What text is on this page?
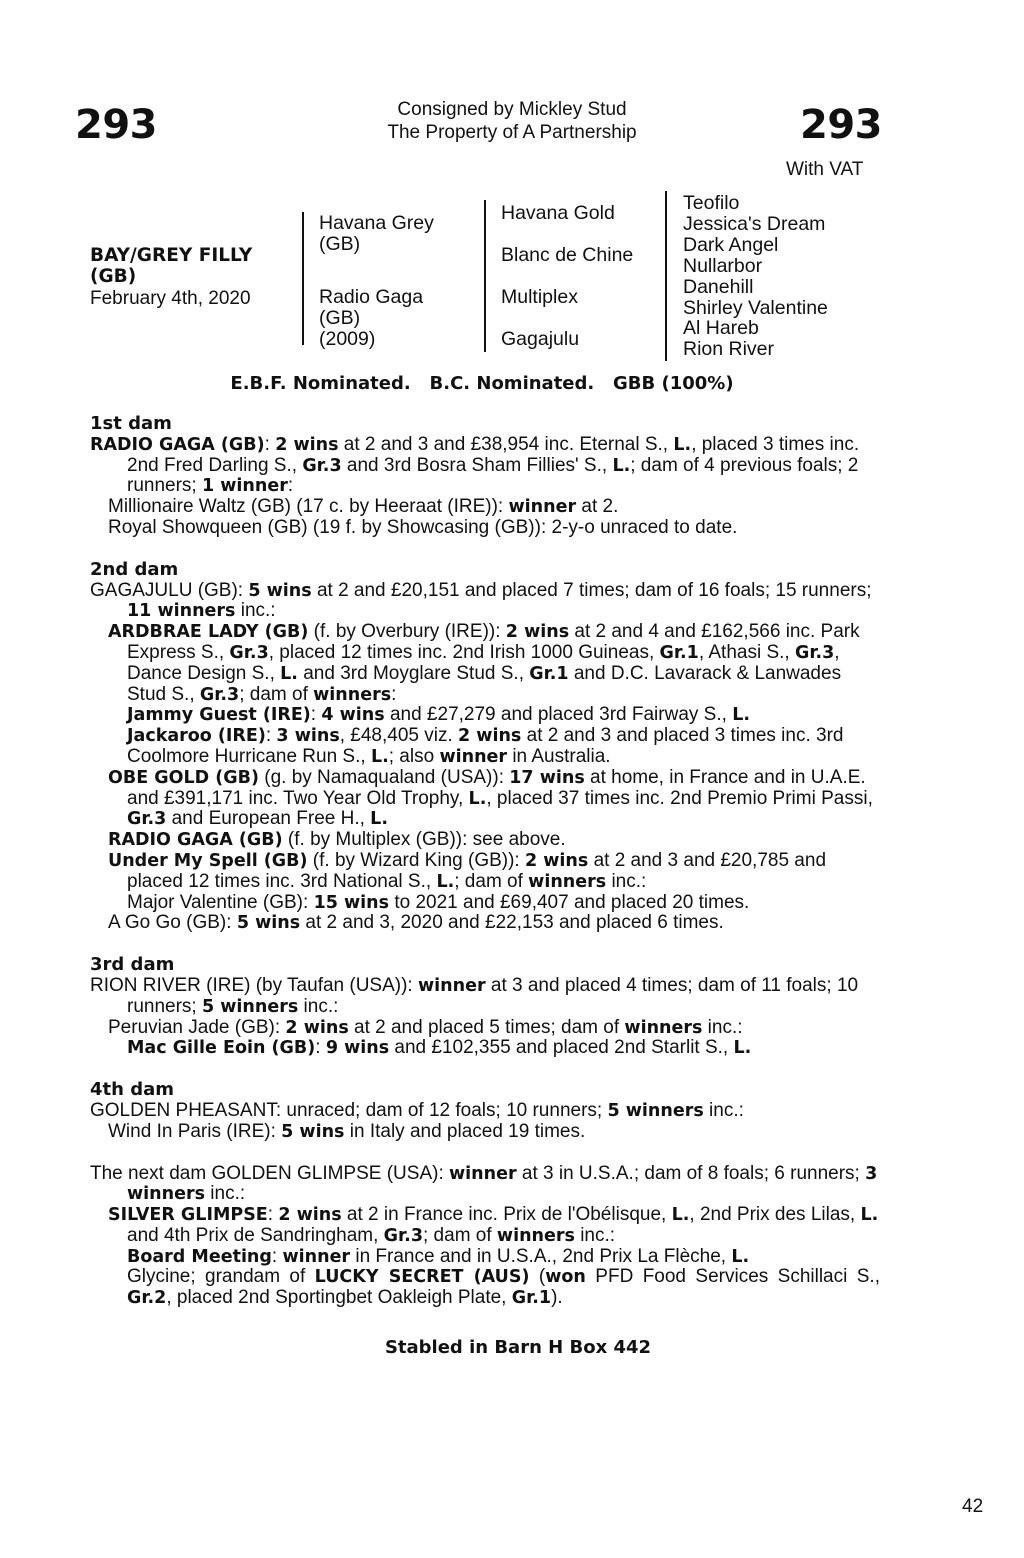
293	Consigned by Mickley Stud
The Property of A Partnership	293
With VAT
BAY/GREY FILLY
(GB)
February 4th, 2020
Havana Grey
(GB)
Radio Gaga
(GB)
(2009)
Havana Gold
Blanc de Chine
Multiplex
Gagajulu
Teofilo
Jessica's Dream
Dark Angel
Nullarbor
Danehill
Shirley Valentine
Al Hareb
Rion River
E.B.F. Nominated.   B.C. Nominated.   GBB (100%)
1st dam
RADIO GAGA (GB): 2 wins at 2 and 3 and £38,954 inc. Eternal S., L., placed 3 times inc. 2nd Fred Darling S., Gr.3 and 3rd Bosra Sham Fillies' S., L.; dam of 4 previous foals; 2 runners; 1 winner:
Millionaire Waltz (GB) (17 c. by Heeraat (IRE)): winner at 2.
Royal Showqueen (GB) (19 f. by Showcasing (GB)): 2-y-o unraced to date.
2nd dam
GAGAJULU (GB): 5 wins at 2 and £20,151 and placed 7 times; dam of 16 foals; 15 runners; 11 winners inc.:
ARDBRAE LADY (GB) (f. by Overbury (IRE)): 2 wins at 2 and 4 and £162,566 inc. Park Express S., Gr.3, placed 12 times inc. 2nd Irish 1000 Guineas, Gr.1, Athasi S., Gr.3, Dance Design S., L. and 3rd Moyglare Stud S., Gr.1 and D.C. Lavarack & Lanwades Stud S., Gr.3; dam of winners:
Jammy Guest (IRE): 4 wins and £27,279 and placed 3rd Fairway S., L.
Jackaroo (IRE): 3 wins, £48,405 viz. 2 wins at 2 and 3 and placed 3 times inc. 3rd Coolmore Hurricane Run S., L.; also winner in Australia.
OBE GOLD (GB) (g. by Namaqualand (USA)): 17 wins at home, in France and in U.A.E. and £391,171 inc. Two Year Old Trophy, L., placed 37 times inc. 2nd Premio Primi Passi, Gr.3 and European Free H., L.
RADIO GAGA (GB) (f. by Multiplex (GB)): see above.
Under My Spell (GB) (f. by Wizard King (GB)): 2 wins at 2 and 3 and £20,785 and placed 12 times inc. 3rd National S., L.; dam of winners inc.:
Major Valentine (GB): 15 wins to 2021 and £69,407 and placed 20 times.
A Go Go (GB): 5 wins at 2 and 3, 2020 and £22,153 and placed 6 times.
3rd dam
RION RIVER (IRE) (by Taufan (USA)): winner at 3 and placed 4 times; dam of 11 foals; 10 runners; 5 winners inc.:
Peruvian Jade (GB): 2 wins at 2 and placed 5 times; dam of winners inc.:
Mac Gille Eoin (GB): 9 wins and £102,355 and placed 2nd Starlit S., L.
4th dam
GOLDEN PHEASANT: unraced; dam of 12 foals; 10 runners; 5 winners inc.:
Wind In Paris (IRE): 5 wins in Italy and placed 19 times.
The next dam GOLDEN GLIMPSE (USA): winner at 3 in U.S.A.; dam of 8 foals; 6 runners; 3 winners inc.:
SILVER GLIMPSE: 2 wins at 2 in France inc. Prix de l'Obélisque, L., 2nd Prix des Lilas, L. and 4th Prix de Sandringham, Gr.3; dam of winners inc.:
Board Meeting: winner in France and in U.S.A., 2nd Prix La Flèche, L.
Glycine; grandam of LUCKY SECRET (AUS) (won PFD Food Services Schillaci S., Gr.2, placed 2nd Sportingbet Oakleigh Plate, Gr.1).
Stabled in Barn H Box 442
42
